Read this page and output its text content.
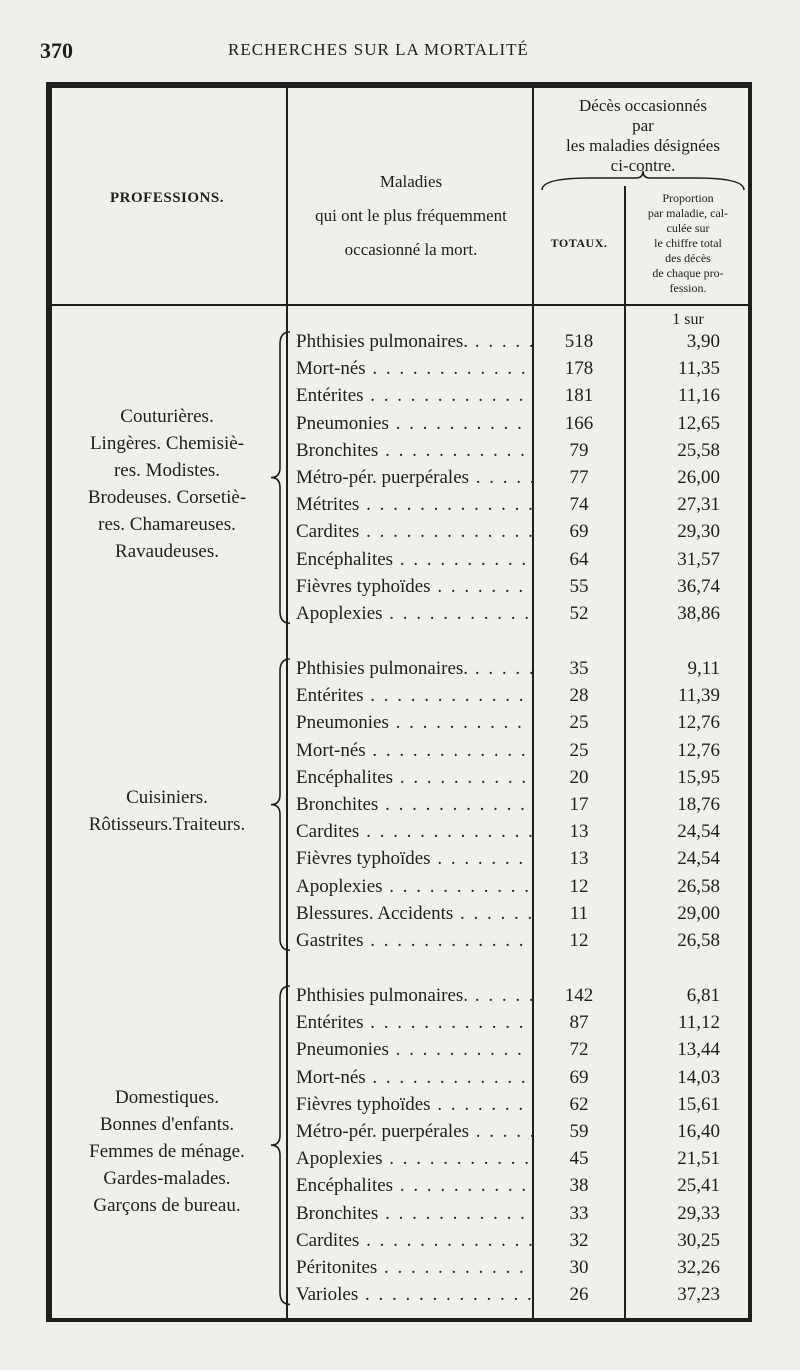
370	RECHERCHES SUR LA MORTALITÉ
PROFESSIONS.
Maladies
qui ont le plus fréquemment
occasionné la mort.
Décès occasionnés
par
les maladies désignées
ci-contre.
TOTAUX.
Proportion
par maladie, cal-
culée sur
le chiffre total
des décès
de chaque pro-
fession.
1 sur
Couturières.
Lingères. Chemisiè-
res. Modistes.
Brodeuses. Corsetiè-
res. Chamareuses.
Ravaudeuses.
Phthisies pulmonaires. . . .	518	3,90
Mort-nés . . .	178	11,35
Entérites . . .	181	11,16
Pneumonies . . .	166	12,65
Bronchites . . .	79	25,58
Métro-pér. puerpérales . . .	77	26,00
Métrites . . .	74	27,31
Cardites . . .	69	29,30
Encéphalites . . .	64	31,57
Fièvres typhoïdes . . .	55	36,74
Apoplexies . . .	52	38,86
Cuisiniers.
Rôtisseurs.Traiteurs.
Phthisies pulmonaires. . . .	35	9,11
Entérites . . .	28	11,39
Pneumonies . . .	25	12,76
Mort-nés . . .	25	12,76
Encéphalites . . .	20	15,95
Bronchites . . .	17	18,76
Cardites . . .	13	24,54
Fièvres typhoïdes . . .	13	24,54
Apoplexies . . .	12	26,58
Blessures. Accidents . . .	11	29,00
Gastrites . . .	12	26,58
Domestiques.
Bonnes d'enfants.
Femmes de ménage.
Gardes-malades.
Garçons de bureau.
Phthisies pulmonaires. . . .	142	6,81
Entérites . . .	87	11,12
Pneumonies . . .	72	13,44
Mort-nés . . .	69	14,03
Fièvres typhoïdes . . .	62	15,61
Métro-pér. puerpérales . . .	59	16,40
Apoplexies . . .	45	21,51
Encéphalites . . .	38	25,41
Bronchites . . .	33	29,33
Cardites . . .	32	30,25
Péritonites . . .	30	32,26
Varioles . . .	26	37,23
